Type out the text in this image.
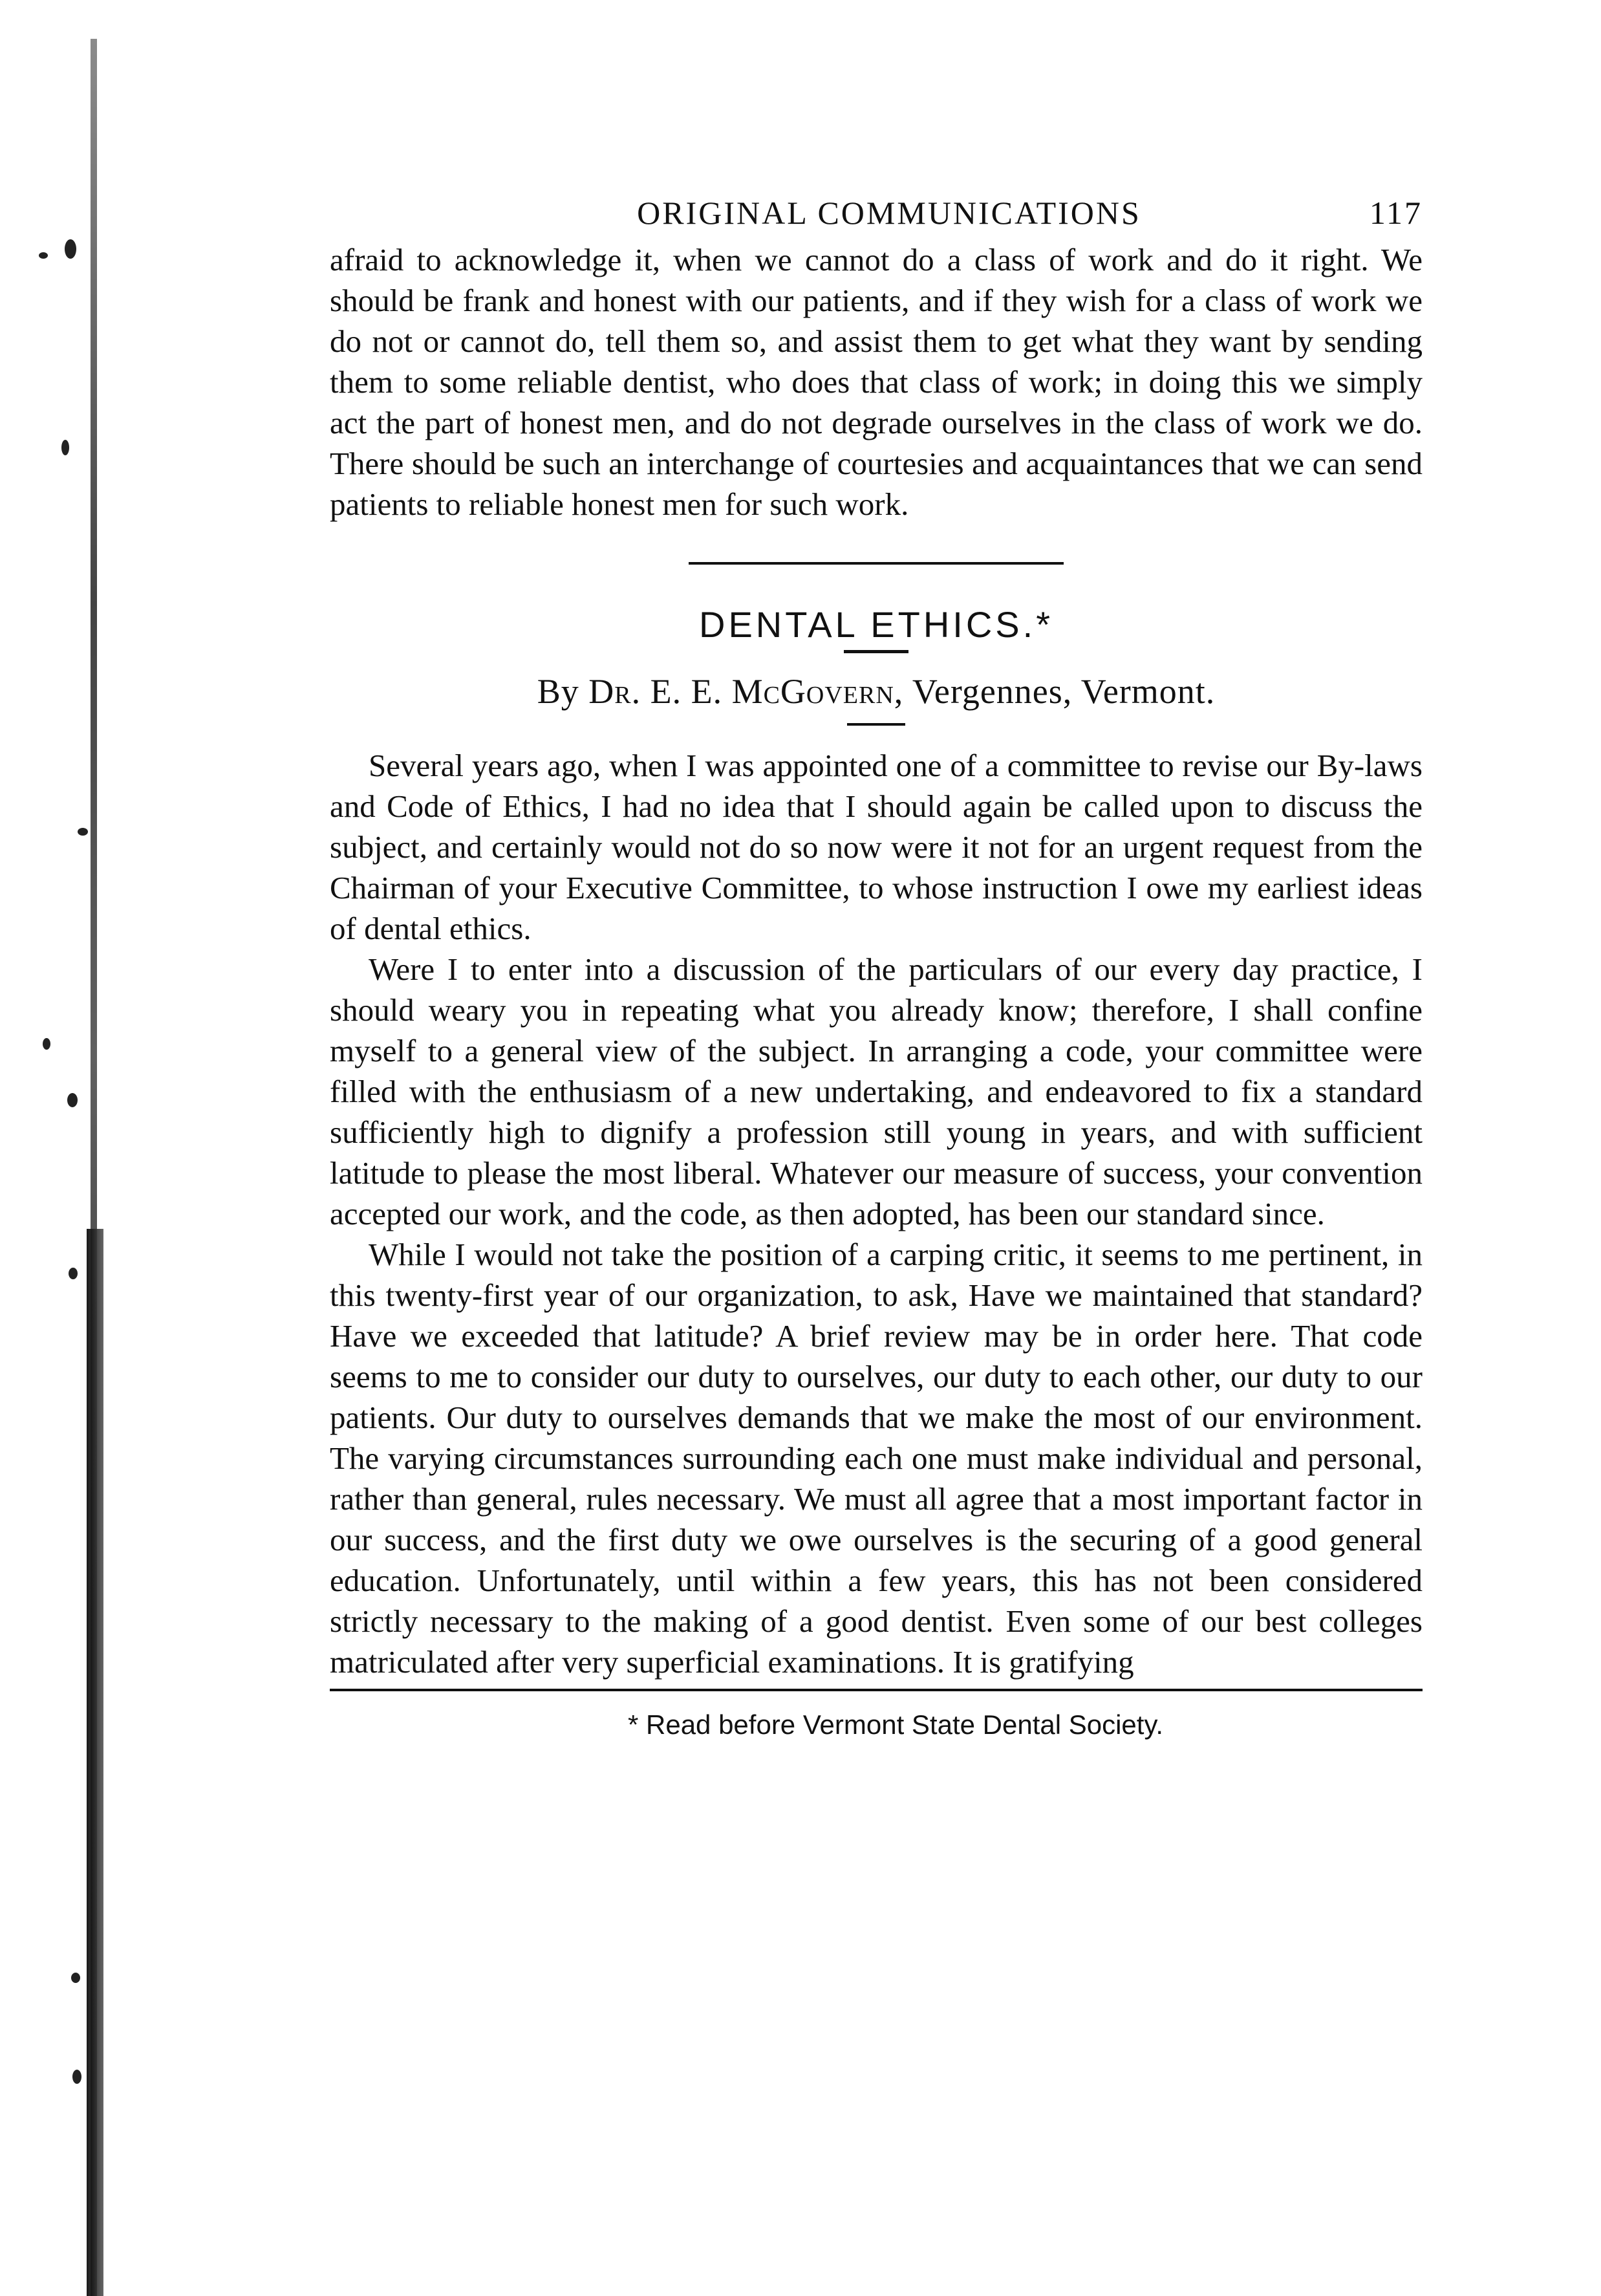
ORIGINAL COMMUNICATIONS	117

afraid to acknowledge it, when we cannot do a class of work and do it right. We should be frank and honest with our patients, and if they wish for a class of work we do not or cannot do, tell them so, and assist them to get what they want by sending them to some reliable dentist, who does that class of work; in doing this we simply act the part of honest men, and do not degrade ourselves in the class of work we do. There should be such an interchange of courtesies and acquaintances that we can send patients to reliable honest men for such work.

DENTAL ETHICS.*
By Dr. E. E. McGovern, Vergennes, Vermont.

Several years ago, when I was appointed one of a committee to revise our By-laws and Code of Ethics, I had no idea that I should again be called upon to discuss the subject, and certainly would not do so now were it not for an urgent request from the Chairman of your Executive Committee, to whose instruction I owe my earliest ideas of dental ethics.

Were I to enter into a discussion of the particulars of our every day practice, I should weary you in repeating what you already know; therefore, I shall confine myself to a general view of the subject. In arranging a code, your committee were filled with the enthusiasm of a new undertaking, and endeavored to fix a standard sufficiently high to dignify a profession still young in years, and with sufficient latitude to please the most liberal. Whatever our measure of success, your convention accepted our work, and the code, as then adopted, has been our standard since.

While I would not take the position of a carping critic, it seems to me pertinent, in this twenty-first year of our organization, to ask, Have we maintained that standard? Have we exceeded that latitude? A brief review may be in order here. That code seems to me to consider our duty to ourselves, our duty to each other, our duty to our patients. Our duty to ourselves demands that we make the most of our environment. The varying circumstances surrounding each one must make individual and personal, rather than general, rules necessary. We must all agree that a most important factor in our success, and the first duty we owe ourselves is the securing of a good general education. Unfortunately, until within a few years, this has not been considered strictly necessary to the making of a good dentist. Even some of our best colleges matriculated after very superficial examinations. It is gratifying

* Read before Vermont State Dental Society.
